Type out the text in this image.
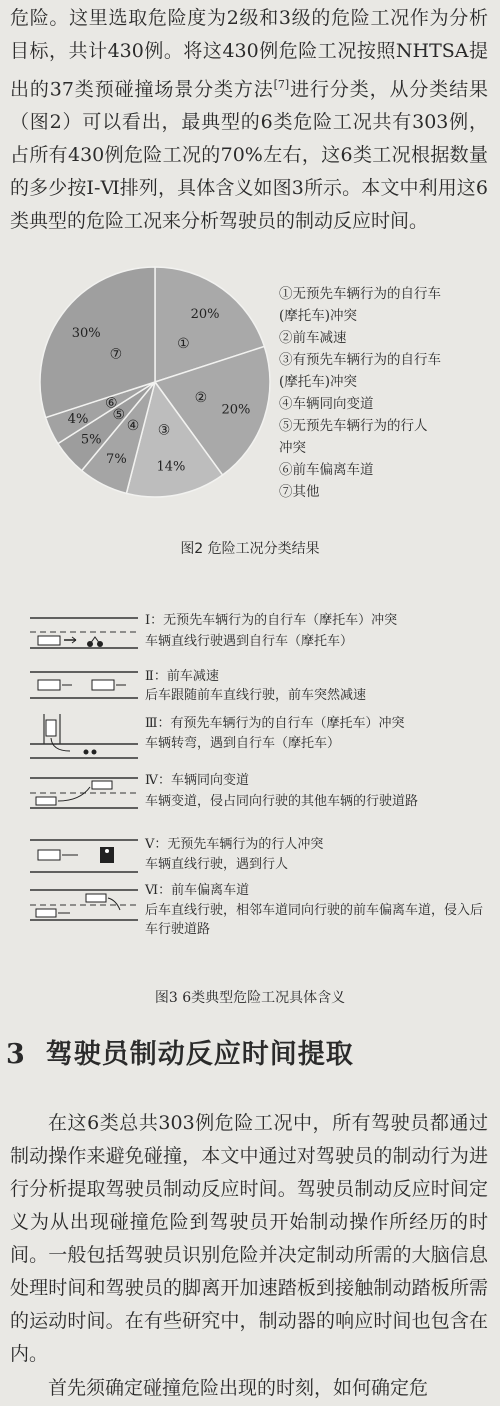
危险。这里选取危险度为2级和3级的危险工况作为分析目标，共计430例。将这430例危险工况按照NHTSA提出的37类预碰撞场景分类方法[7]进行分类，从分类结果（图2）可以看出，最典型的6类危险工况共有303例，占所有430例危险工况的70%左右，这6类工况根据数量的多少按Ⅰ-Ⅵ排列，具体含义如图3所示。本文中利用这6类典型的危险工况来分析驾驶员的制动反应时间。

①
20%
②
20%
③
14%
④
7%
⑤
5%
⑥
4%
⑦
30%
①无预先车辆行为的自行车
(摩托车)冲突
②前车减速
③有预先车辆行为的自行车
(摩托车)冲突
④车辆同向变道
⑤无预先车辆行为的行人
冲突
⑥前车偏离车道
⑦其他
图2 危险工况分类结果

Ⅰ：无预先车辆行为的自行车（摩托车）冲突

车辆直线行驶遇到自行车（摩托车）

Ⅱ：前车减速

后车跟随前车直线行驶，前车突然减速

Ⅲ：有预先车辆行为的自行车（摩托车）冲突

车辆转弯，遇到自行车（摩托车）

Ⅳ：车辆同向变道

车辆变道，侵占同向行驶的其他车辆的行驶道路

Ⅴ：无预先车辆行为的行人冲突

车辆直线行驶，遇到行人

Ⅵ：前车偏离车道

后车直线行驶，相邻车道同向行驶的前车偏离车道，侵入后车行驶道路

图3 6类典型危险工况具体含义
3 驾驶员制动反应时间提取

在这6类总共303例危险工况中，所有驾驶员都通过制动操作来避免碰撞，本文中通过对驾驶员的制动行为进行分析提取驾驶员制动反应时间。驾驶员制动反应时间定义为从出现碰撞危险到驾驶员开始制动操作所经历的时间。一般包括驾驶员识别危险并决定制动所需的大脑信息处理时间和驾驶员的脚离开加速踏板到接触制动踏板所需的运动时间。在有些研究中，制动器的响应时间也包含在内。

首先须确定碰撞危险出现的时刻，如何确定危
